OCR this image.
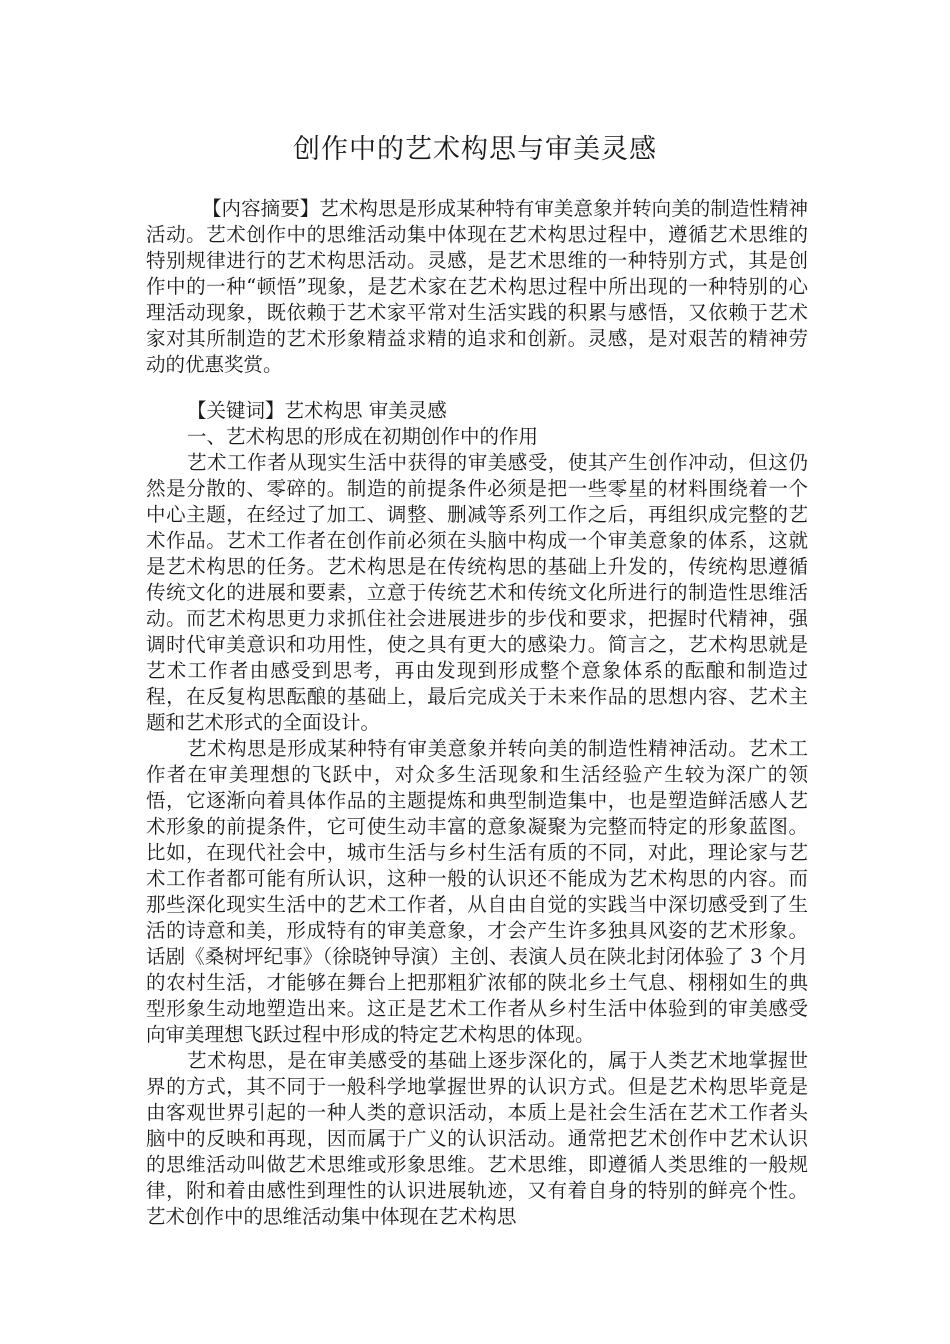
创作中的艺术构思与审美灵感
【内容摘要】艺术构思是形成某种特有审美意象并转向美的制造性精神活动。艺术创作中的思维活动集中体现在艺术构思过程中，遵循艺术思维的特别规律进行的艺术构思活动。灵感，是艺术思维的一种特别方式，其是创作中的一种“顿悟”现象，是艺术家在艺术构思过程中所出现的一种特别的心理活动现象，既依赖于艺术家平常对生活实践的积累与感悟，又依赖于艺术家对其所制造的艺术形象精益求精的追求和创新。灵感，是对艰苦的精神劳动的优惠奖赏。

【关键词】艺术构思 审美灵感

一、艺术构思的形成在初期创作中的作用

艺术工作者从现实生活中获得的审美感受，使其产生创作冲动，但这仍然是分散的、零碎的。制造的前提条件必须是把一些零星的材料围绕着一个中心主题，在经过了加工、调整、删减等系列工作之后，再组织成完整的艺术作品。艺术工作者在创作前必须在头脑中构成一个审美意象的体系，这就是艺术构思的任务。艺术构思是在传统构思的基础上升发的，传统构思遵循传统文化的进展和要素，立意于传统艺术和传统文化所进行的制造性思维活动。而艺术构思更力求抓住社会进展进步的步伐和要求，把握时代精神，强调时代审美意识和功用性，使之具有更大的感染力。简言之，艺术构思就是艺术工作者由感受到思考，再由发现到形成整个意象体系的酝酿和制造过程，在反复构思酝酿的基础上，最后完成关于未来作品的思想内容、艺术主题和艺术形式的全面设计。

艺术构思是形成某种特有审美意象并转向美的制造性精神活动。艺术工作者在审美理想的飞跃中，对众多生活现象和生活经验产生较为深广的领悟，它逐渐向着具体作品的主题提炼和典型制造集中，也是塑造鲜活感人艺术形象的前提条件，它可使生动丰富的意象凝聚为完整而特定的形象蓝图。比如，在现代社会中，城市生活与乡村生活有质的不同，对此，理论家与艺术工作者都可能有所认识，这种一般的认识还不能成为艺术构思的内容。而那些深化现实生活中的艺术工作者，从自由自觉的实践当中深切感受到了生活的诗意和美，形成特有的审美意象，才会产生许多独具风姿的艺术形象。话剧《桑树坪纪事》（徐晓钟导演）主创、表演人员在陕北封闭体验了 3 个月的农村生活，才能够在舞台上把那粗犷浓郁的陕北乡土气息、栩栩如生的典型形象生动地塑造出来。这正是艺术工作者从乡村生活中体验到的审美感受向审美理想飞跃过程中形成的特定艺术构思的体现。

艺术构思，是在审美感受的基础上逐步深化的，属于人类艺术地掌握世界的方式，其不同于一般科学地掌握世界的认识方式。但是艺术构思毕竟是由客观世界引起的一种人类的意识活动，本质上是社会生活在艺术工作者头脑中的反映和再现，因而属于广义的认识活动。通常把艺术创作中艺术认识的思维活动叫做艺术思维或形象思维。艺术思维，即遵循人类思维的一般规律，附和着由感性到理性的认识进展轨迹，又有着自身的特别的鲜亮个性。艺术创作中的思维活动集中体现在艺术构思
